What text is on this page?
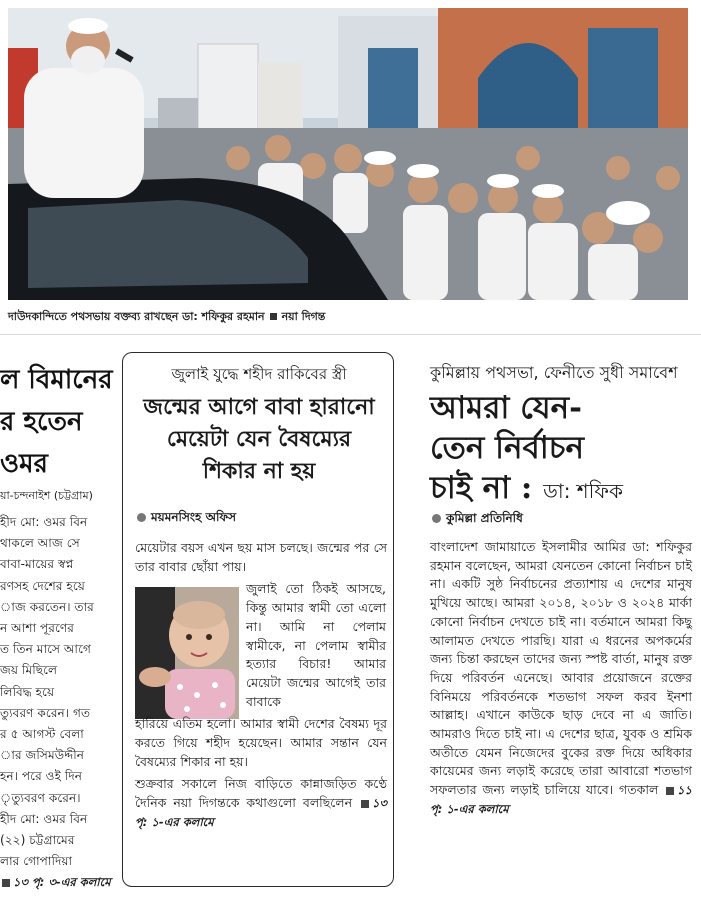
দাউদকান্দিতে পথসভায় বক্তব্য রাখছেন ডা: শফিকুর রহমান নয়া দিগন্ত
ল বিমানের
র হতেন
ওমর
য়া-চন্দনাইশ (চট্টগ্রাম)
হীদ মো: ওমর বিন
থাকলে আজ সে
বাবা-মায়ের স্বপ্ন
রণসহ দেশের হয়ে
াজ করতেন। তার
ন আশা পূরণের
ত তিন মাসে আগে
জয় মিছিলে
লিবিদ্ধ হয়ে
ত্যুবরণ করেন। গত
র ৫ আগস্ট বেলা
ার জসিমউদ্দীন
হন। পরে ওই দিন
ৃত্যুবরণ করেন।
হীদ মো: ওমর বিন
(২২) চট্টগ্রামের
লার গোপাদিয়া
১৩ পৃ: ৩-এর কলামে
জুলাই যুদ্ধে শহীদ রাকিবের স্ত্রী
জন্মের আগে বাবা হারানো
মেয়েটা যেন বৈষম্যের
শিকার না হয়
ময়মনসিংহ অফিস

মেয়েটার বয়স এখন ছয় মাস চলছে। জন্মের পর সে তার বাবার ছোঁয়া পায়।

জুলাই তো ঠিকই আসছে, কিন্তু আমার স্বামী তো এলো না। আমি না পেলাম স্বামীকে, না পেলাম স্বামীর হত্যার বিচার! আমার মেয়েটা জন্মের আগেই তার বাবাকে

হারিয়ে এতিম হলো। আমার স্বামী দেশের বৈষম্য দূর করতে গিয়ে শহীদ হয়েছেন। আমার সন্তান যেন বৈষম্যের শিকার না হয়।

শুক্রবার সকালে নিজ বাড়িতে কান্নাজড়িত কণ্ঠে দৈনিক নয়া দিগন্তকে কথাগুলো বলছিলেন ১৩ পৃ: ১-এর কলামে

কুমিল্লায় পথসভা, ফেনীতে সুধী সমাবেশ
আমরা যেন-
তেন নির্বাচন
চাই না : ডা: শফিক
কুমিল্লা প্রতিনিধি

বাংলাদেশ জামায়াতে ইসলামীর আমির ডা: শফিকুর রহমান বলেছেন, আমরা যেনতেন কোনো নির্বাচন চাই না। একটি সুষ্ঠ নির্বাচনের প্রত্যাশায় এ দেশের মানুষ মুখিয়ে আছে। আমরা ২০১৪, ২০১৮ ও ২০২৪ মার্কা কোনো নির্বাচন দেখতে চাই না। বর্তমানে আমরা কিছু আলামত দেখতে পারছি। যারা এ ধরনের অপকর্মের জন্য চিন্তা করছেন তাদের জন্য স্পষ্ট বার্তা, মানুষ রক্ত দিয়ে পরিবর্তন এনেছে। আবার প্রয়োজনে রক্তের বিনিময়ে পরিবর্তনকে শতভাগ সফল করব ইনশা আল্লাহ। এখানে কাউকে ছাড় দেবে না এ জাতি। আমরাও দিতে চাই না। এ দেশের ছাত্র, যুবক ও শ্রমিক অতীতে যেমন নিজেদের বুকের রক্ত দিয়ে অধিকার কায়েমের জন্য লড়াই করেছে তারা আবারো শতভাগ সফলতার জন্য লড়াই চালিয়ে যাবে। গতকাল ১১ পৃ: ১-এর কলামে
